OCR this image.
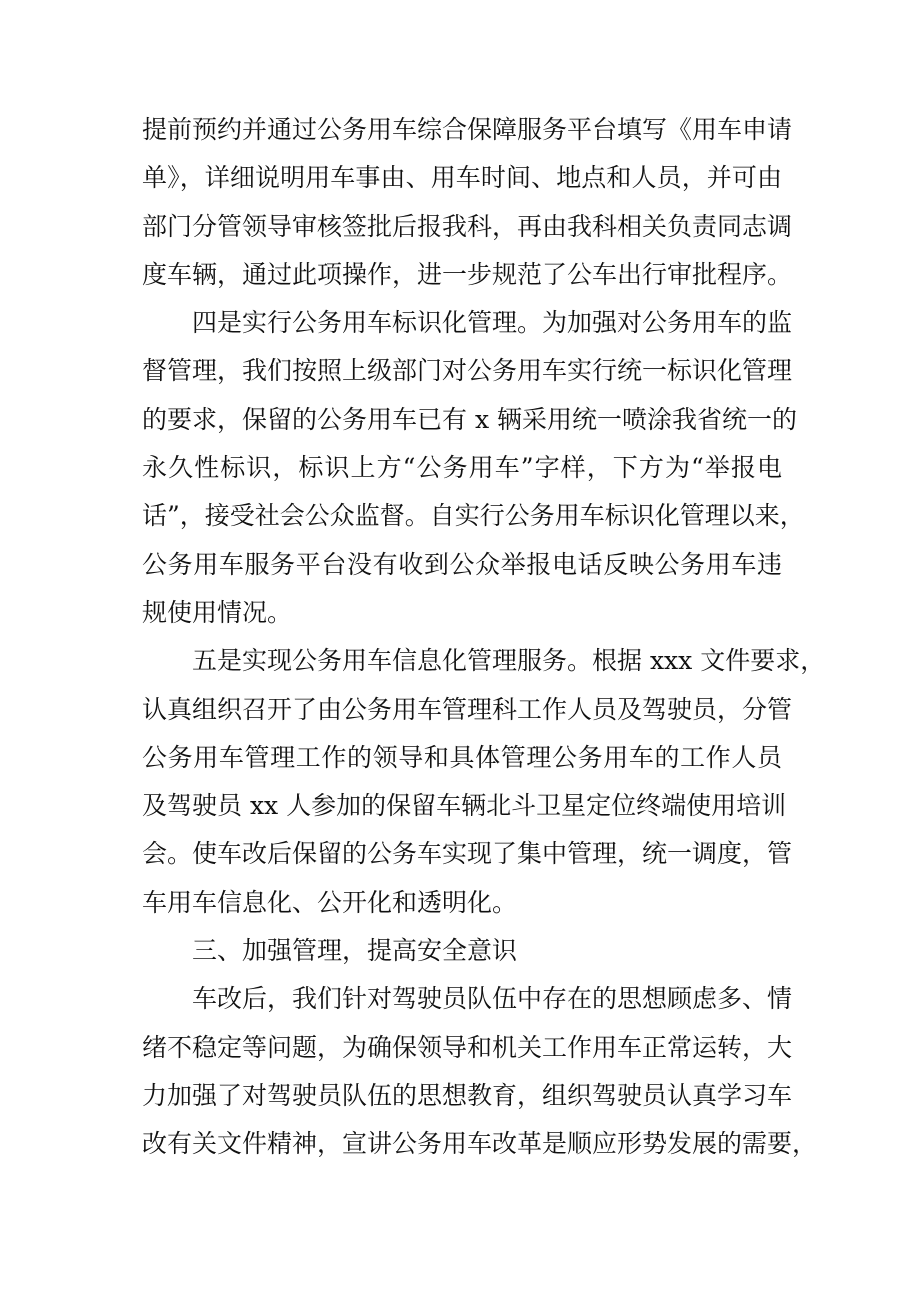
提前预约并通过公务用车综合保障服务平台填写《用车申请
单》，详细说明用车事由、用车时间、地点和人员，并可由
部门分管领导审核签批后报我科，再由我科相关负责同志调
度车辆，通过此项操作，进一步规范了公车出行审批程序。
四是实行公务用车标识化管理。为加强对公务用车的监
督管理，我们按照上级部门对公务用车实行统一标识化管理
的要求，保留的公务用车已有 x 辆采用统一喷涂我省统一的
永久性标识，标识上方“公务用车”字样，下方为“举报电
话”，接受社会公众监督。自实行公务用车标识化管理以来，
公务用车服务平台没有收到公众举报电话反映公务用车违
规使用情况。
五是实现公务用车信息化管理服务。根据 xxx 文件要求，
认真组织召开了由公务用车管理科工作人员及驾驶员，分管
公务用车管理工作的领导和具体管理公务用车的工作人员
及驾驶员 xx 人参加的保留车辆北斗卫星定位终端使用培训
会。使车改后保留的公务车实现了集中管理，统一调度，管
车用车信息化、公开化和透明化。
三、加强管理，提高安全意识
车改后，我们针对驾驶员队伍中存在的思想顾虑多、情
绪不稳定等问题，为确保领导和机关工作用车正常运转，大
力加强了对驾驶员队伍的思想教育，组织驾驶员认真学习车
改有关文件精神，宣讲公务用车改革是顺应形势发展的需要，
